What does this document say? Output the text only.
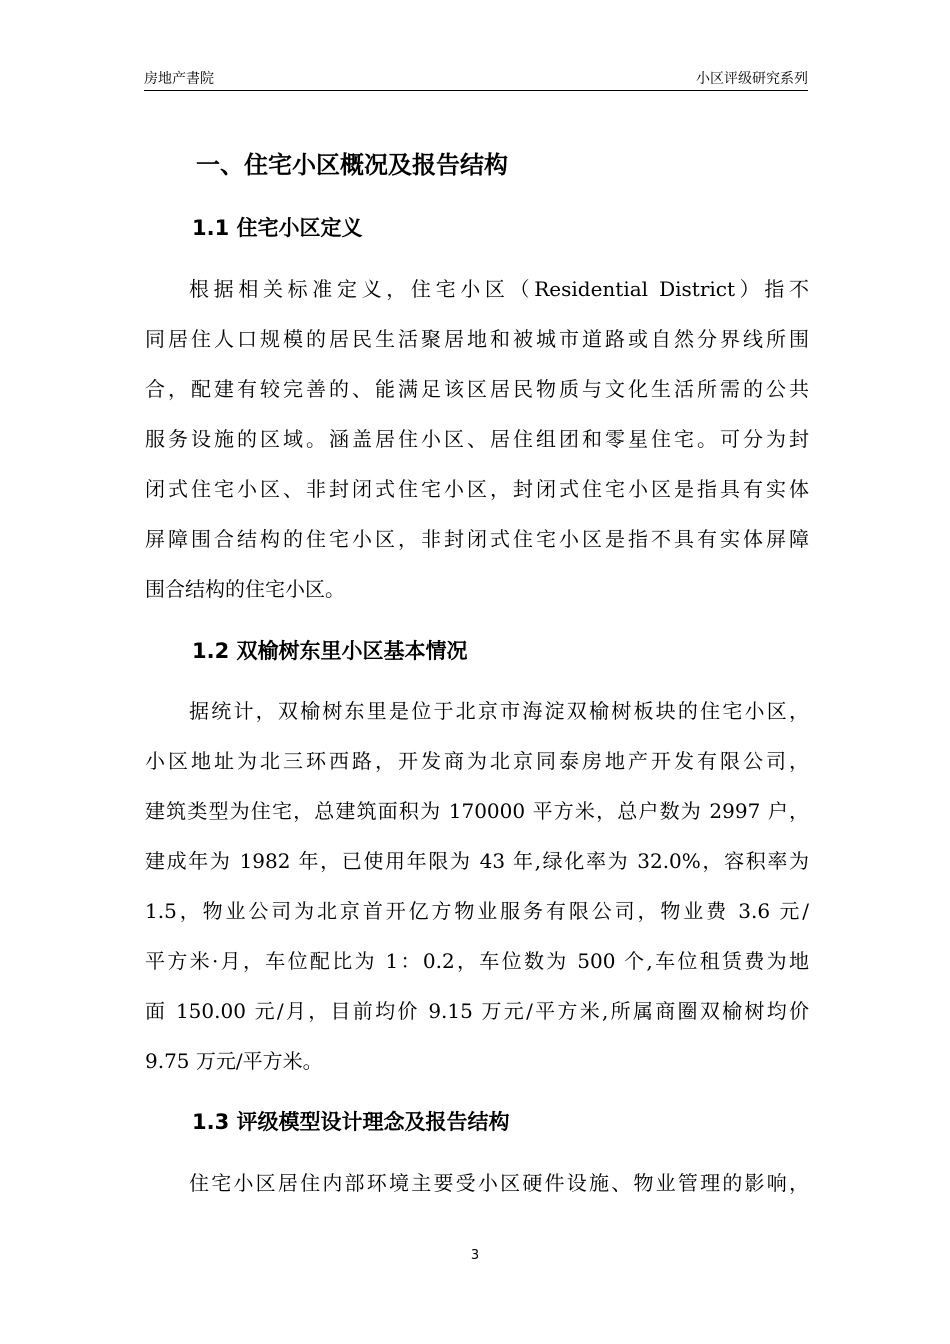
房地产書院	小区评级研究系列
一、住宅小区概况及报告结构
1.1 住宅小区定义
根据相关标准定义，住宅小区（Residential District）指不
同居住人口规模的居民生活聚居地和被城市道路或自然分界线所围
合，配建有较完善的、能满足该区居民物质与文化生活所需的公共
服务设施的区域。涵盖居住小区、居住组团和零星住宅。可分为封
闭式住宅小区、非封闭式住宅小区，封闭式住宅小区是指具有实体
屏障围合结构的住宅小区，非封闭式住宅小区是指不具有实体屏障
围合结构的住宅小区。
1.2 双榆树东里小区基本情况
据统计，双榆树东里是位于北京市海淀双榆树板块的住宅小区，
小区地址为北三环西路，开发商为北京同泰房地产开发有限公司，
建筑类型为住宅，总建筑面积为 170000 平方米，总户数为 2997 户，
建成年为 1982 年，已使用年限为 43 年,绿化率为 32.0%，容积率为
1.5，物业公司为北京首开亿方物业服务有限公司，物业费 3.6 元/
平方米·月，车位配比为 1：0.2，车位数为 500 个,车位租赁费为地
面 150.00 元/月，目前均价 9.15 万元/平方米,所属商圈双榆树均价
9.75 万元/平方米。
1.3 评级模型设计理念及报告结构
住宅小区居住内部环境主要受小区硬件设施、物业管理的影响，
3
